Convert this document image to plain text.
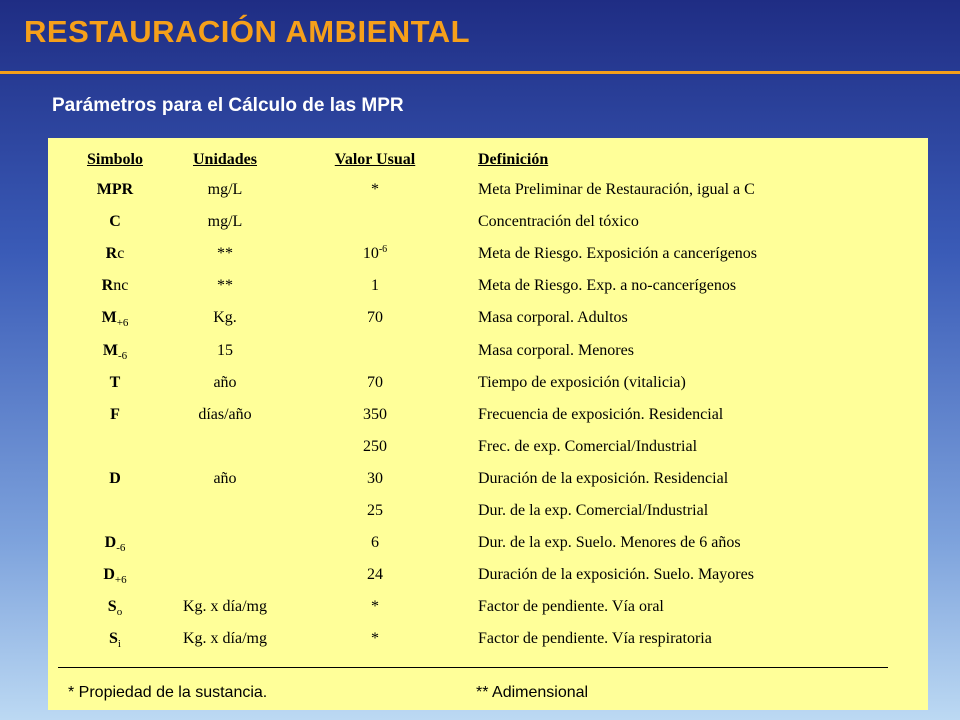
RESTAURACIÓN AMBIENTAL
Parámetros para el Cálculo de las MPR
Simbolo	Unidades	Valor Usual	Definición
MPR	mg/L	*	Meta Preliminar de Restauración, igual a C
C	mg/L		Concentración del tóxico
Rc	**	$10^{-6}$	Meta de Riesgo. Exposición a cancerígenos
Rnc	**	1	Meta de Riesgo. Exp. a no-cancerígenos
$M_{+6}$	Kg.	70	Masa corporal. Adultos
$M_{-6}$	15		Masa corporal. Menores
T	año	70	Tiempo de exposición (vitalicia)
F	días/año	350	Frecuencia de exposición. Residencial
		250	Frec. de exp. Comercial/Industrial
D	año	30	Duración de la exposición. Residencial
		25	Dur. de la exp. Comercial/Industrial
$D_{-6}$		6	Dur. de la exp. Suelo. Menores de 6 años
$D_{+6}$		24	Duración de la exposición. Suelo. Mayores
$S_o$	Kg. x día/mg	*	Factor de pendiente. Vía oral
$S_i$	Kg. x día/mg	*	Factor de pendiente. Vía respiratoria
* Propiedad de la sustancia.	** Adimensional
